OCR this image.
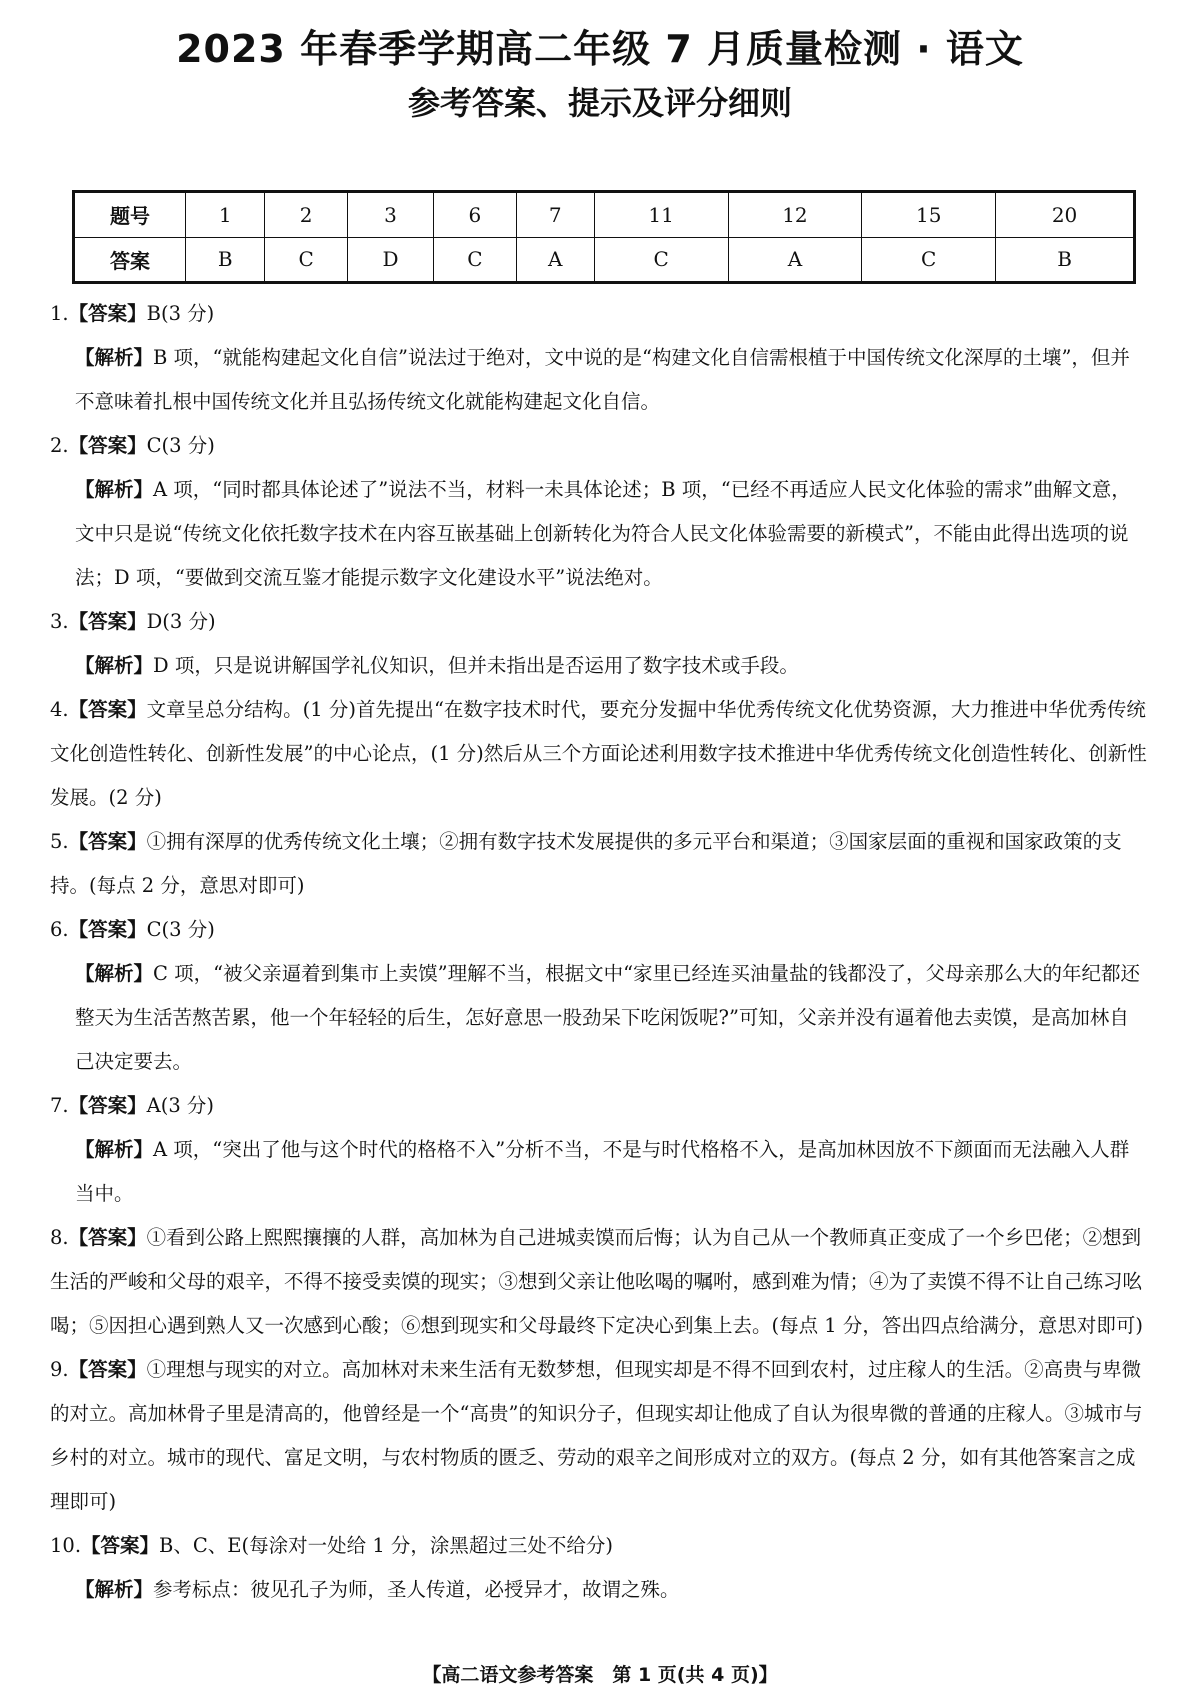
2023 年春季学期高二年级 7 月质量检测 · 语文
参考答案、提示及评分细则
题号	1	2	3	6	7	11	12	15	20
答案	B	C	D	C	A	C	A	C	B

1.【答案】B(3 分)

【解析】B 项，“就能构建起文化自信”说法过于绝对，文中说的是“构建文化自信需根植于中国传统文化深厚的土壤”，但并不意味着扎根中国传统文化并且弘扬传统文化就能构建起文化自信。

2.【答案】C(3 分)

【解析】A 项，“同时都具体论述了”说法不当，材料一未具体论述；B 项，“已经不再适应人民文化体验的需求”曲解文意，文中只是说“传统文化依托数字技术在内容互嵌基础上创新转化为符合人民文化体验需要的新模式”，不能由此得出选项的说法；D 项，“要做到交流互鉴才能提示数字文化建设水平”说法绝对。

3.【答案】D(3 分)

【解析】D 项，只是说讲解国学礼仪知识，但并未指出是否运用了数字技术或手段。

4.【答案】文章呈总分结构。(1 分)首先提出“在数字技术时代，要充分发掘中华优秀传统文化优势资源，大力推进中华优秀传统文化创造性转化、创新性发展”的中心论点，(1 分)然后从三个方面论述利用数字技术推进中华优秀传统文化创造性转化、创新性发展。(2 分)

5.【答案】①拥有深厚的优秀传统文化土壤；②拥有数字技术发展提供的多元平台和渠道；③国家层面的重视和国家政策的支持。(每点 2 分，意思对即可)

6.【答案】C(3 分)

【解析】C 项，“被父亲逼着到集市上卖馍”理解不当，根据文中“家里已经连买油量盐的钱都没了，父母亲那么大的年纪都还整天为生活苦熬苦累，他一个年轻轻的后生，怎好意思一股劲呆下吃闲饭呢?”可知，父亲并没有逼着他去卖馍，是高加林自己决定要去。

7.【答案】A(3 分)

【解析】A 项，“突出了他与这个时代的格格不入”分析不当，不是与时代格格不入，是高加林因放不下颜面而无法融入人群当中。

8.【答案】①看到公路上熙熙攘攘的人群，高加林为自己进城卖馍而后悔；认为自己从一个教师真正变成了一个乡巴佬；②想到生活的严峻和父母的艰辛，不得不接受卖馍的现实；③想到父亲让他吆喝的嘱咐，感到难为情；④为了卖馍不得不让自己练习吆喝；⑤因担心遇到熟人又一次感到心酸；⑥想到现实和父母最终下定决心到集上去。(每点 1 分，答出四点给满分，意思对即可)

9.【答案】①理想与现实的对立。高加林对未来生活有无数梦想，但现实却是不得不回到农村，过庄稼人的生活。②高贵与卑微的对立。高加林骨子里是清高的，他曾经是一个“高贵”的知识分子，但现实却让他成了自认为很卑微的普通的庄稼人。③城市与乡村的对立。城市的现代、富足文明，与农村物质的匮乏、劳动的艰辛之间形成对立的双方。(每点 2 分，如有其他答案言之成理即可)

10.【答案】B、C、E(每涂对一处给 1 分，涂黑超过三处不给分)

【解析】参考标点：彼见孔子为师，圣人传道，必授异才，故谓之殊。

【高二语文参考答案　第 1 页(共 4 页)】
